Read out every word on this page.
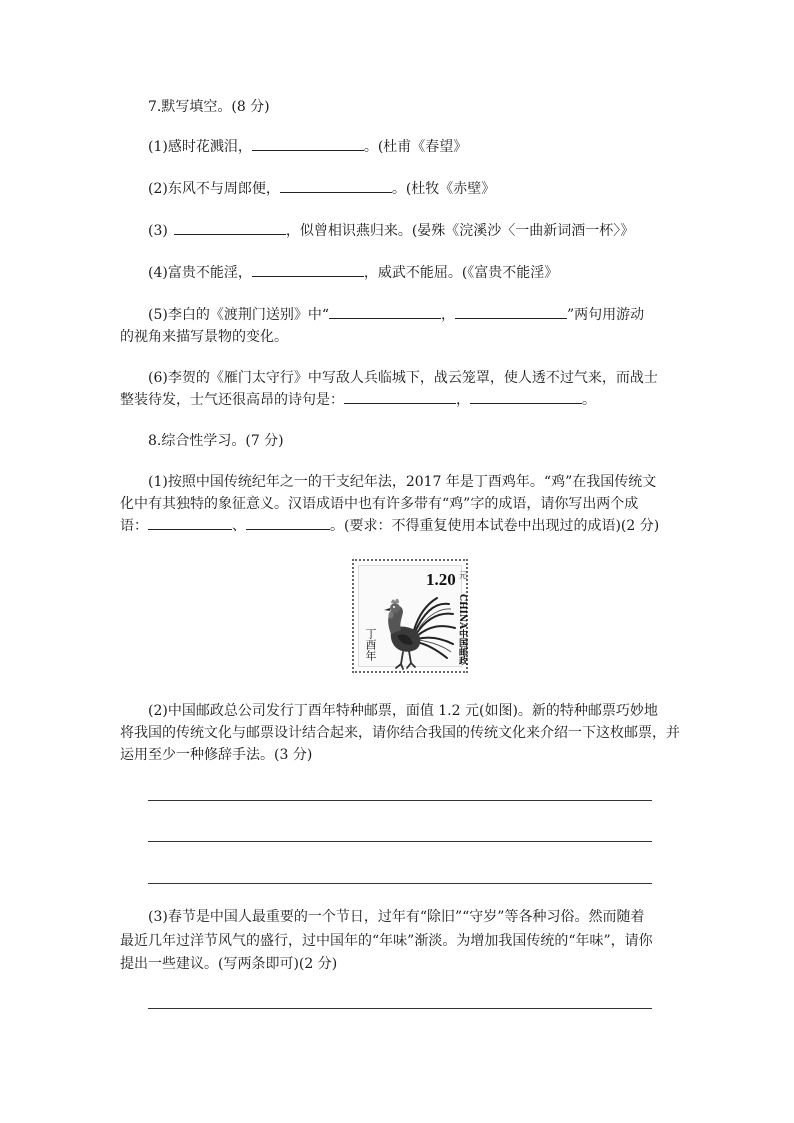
7.默写填空。(8 分)
(1)感时花溅泪，	。(杜甫《春望》
(2)东风不与周郎便，	。(杜牧《赤壁》
(3)	，似曾相识燕归来。(晏殊《浣溪沙〈一曲新词酒一杯〉》
(4)富贵不能淫，	，威武不能屈。(《富贵不能淫》
(5)李白的《渡荆门送别》中“	，	”两句用游动
的视角来描写景物的变化。
(6)李贺的《雁门太守行》中写敌人兵临城下，战云笼罩，使人透不过气来，而战士
整装待发，士气还很高昂的诗句是：	，	。
8.综合性学习。(7 分)
(1)按照中国传统纪年之一的干支纪年法，2017 年是丁酉鸡年。“鸡”在我国传统文
化中有其独特的象征意义。汉语成语中也有许多带有“鸡”字的成语，请你写出两个成
语：	、	。(要求：不得重复使用本试卷中出现过的成语)(2 分)
1.20 元
CHINA中国邮政
丁酉年
(2)中国邮政总公司发行丁酉年特种邮票，面值 1.2 元(如图)。新的特种邮票巧妙地
将我国的传统文化与邮票设计结合起来，请你结合我国的传统文化来介绍一下这枚邮票，并
运用至少一种修辞手法。(3 分)
(3)春节是中国人最重要的一个节日，过年有“除旧”“守岁”等各种习俗。然而随着
最近几年过洋节风气的盛行，过中国年的“年味”渐淡。为增加我国传统的“年味”，请你
提出一些建议。(写两条即可)(2 分)
